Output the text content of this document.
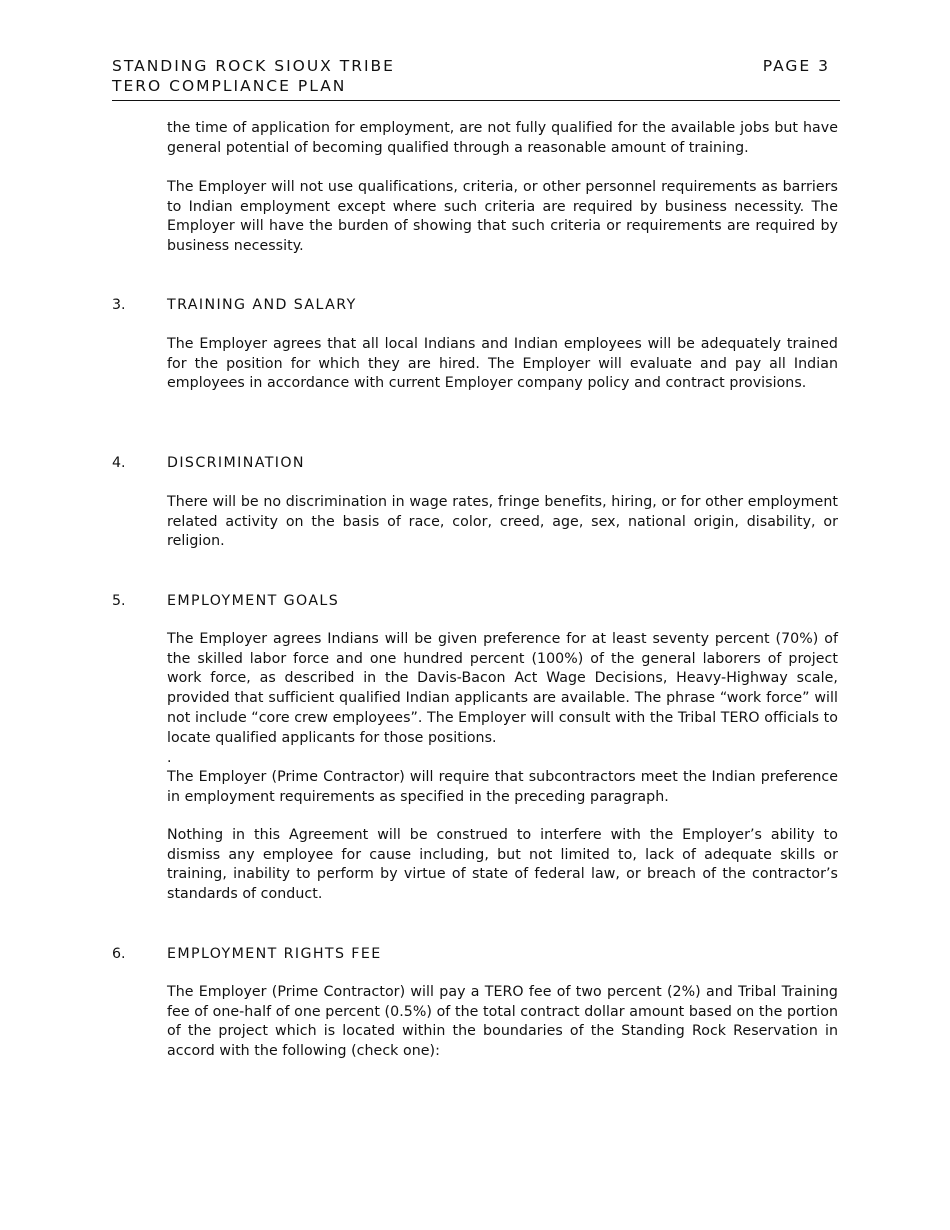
STANDING ROCK SIOUX TRIBE
TERO COMPLIANCE PLAN
PAGE 3
the time of application for employment, are not fully qualified for the available jobs but have general potential of becoming qualified through a reasonable amount of training.
The Employer will not use qualifications, criteria, or other personnel requirements as barriers to Indian employment except where such criteria are required by business necessity. The Employer will have the burden of showing that such criteria or requirements are required by business necessity.
3.	TRAINING AND SALARY
The Employer agrees that all local Indians and Indian employees will be adequately trained for the position for which they are hired. The Employer will evaluate and pay all Indian employees in accordance with current Employer company policy and contract provisions.
4.	DISCRIMINATION
There will be no discrimination in wage rates, fringe benefits, hiring, or for other employment related activity on the basis of race, color, creed, age, sex, national origin, disability, or religion.
5.	EMPLOYMENT GOALS
The Employer agrees Indians will be given preference for at least seventy percent (70%) of the skilled labor force and one hundred percent (100%) of the general laborers of project work force, as described in the Davis-Bacon Act Wage Decisions, Heavy-Highway scale, provided that sufficient qualified Indian applicants are available. The phrase “work force” will not include “core crew employees”. The Employer will consult with the Tribal TERO officials to locate qualified applicants for those positions.
.
The Employer (Prime Contractor) will require that subcontractors meet the Indian preference in employment requirements as specified in the preceding paragraph.
Nothing in this Agreement will be construed to interfere with the Employer’s ability to dismiss any employee for cause including, but not limited to, lack of adequate skills or training, inability to perform by virtue of state of federal law, or breach of the contractor’s standards of conduct.
6.	EMPLOYMENT RIGHTS FEE
The Employer (Prime Contractor) will pay a TERO fee of two percent (2%) and Tribal Training fee of one-half of one percent (0.5%) of the total contract dollar amount based on the portion of the project which is located within the boundaries of the Standing Rock Reservation in accord with the following (check one):
